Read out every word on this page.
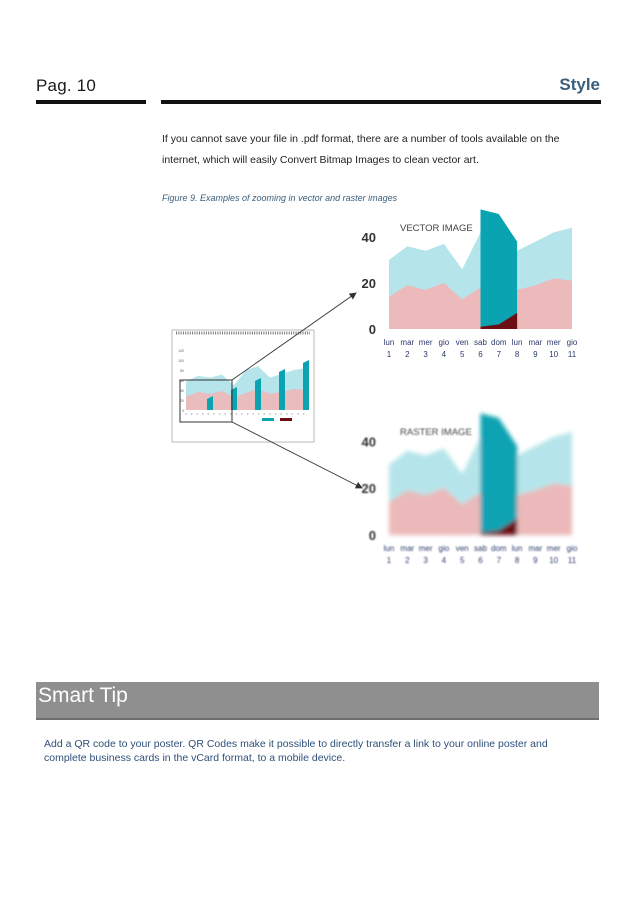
Pag. 10	Style
If you cannot save your file in .pdf format, there are a number of tools available on the internet, which will easily Convert Bitmap Images to clean vector art.
Figure 9. Examples of zooming in vector and raster images
0
20
40
60
80
100
120
0 0 0 0 0 0 0 0 0 0 0 0 0 0 0 0 0 0 0 0 0 0
40
20
0
lun
1
mar
2
mer
3
gio
4
ven
5
sab
6
dom
7
lun
8
mar
9
mer
10
gio
11
VECTOR IMAGE
40
20
0
lun
1
mar
2
mer
3
gio
4
ven
5
sab
6
dom
7
lun
8
mar
9
mer
10
gio
11
RASTER IMAGE
Smart Tip
Add a QR code to your poster. QR Codes make it possible to directly transfer a link to your online poster and complete business cards in the vCard format, to a mobile device.
